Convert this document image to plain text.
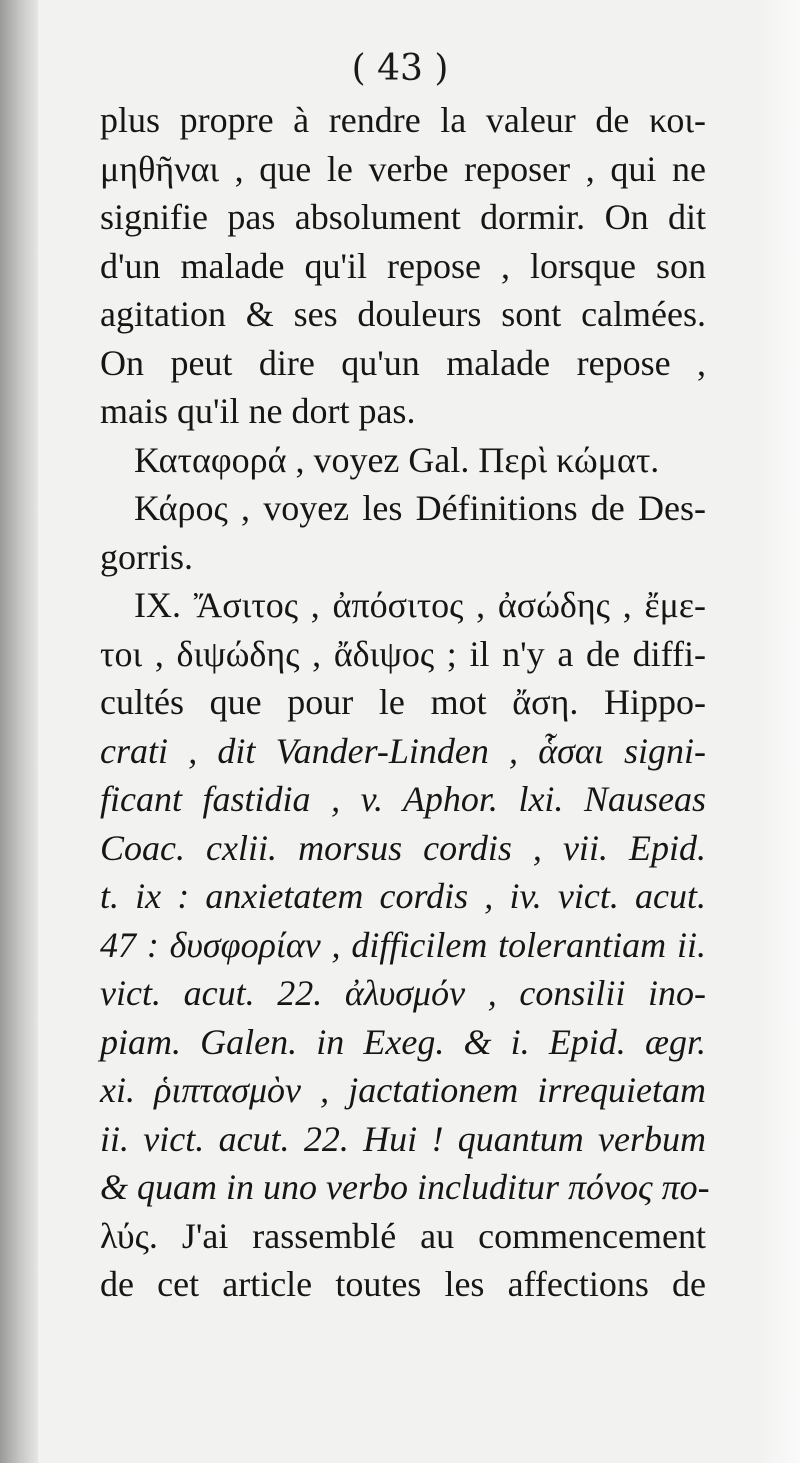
( 43 )
plus propre à rendre la valeur de κοι-
μηθῆναι , que le verbe reposer , qui ne
signifie pas absolument dormir. On dit
d'un malade qu'il repose , lorsque son
agitation & ses douleurs sont calmées.
On peut dire qu'un malade repose ,
mais qu'il ne dort pas.
Καταφορά , voyez Gal. Περὶ κώματ.
Κάρος , voyez les Définitions de Des-
gorris.
IX. Ἄσιτος , ἀπόσιτος , ἀσώδης , ἔμε-
τοι , διψώδης , ἄδιψος ; il n'y a de diffi-
cultés que pour le mot ἄση. Hippo-
crati , dit Vander-Linden , ἇσαι signi-
ficant fastidia , v. Aphor. lxi. Nauseas
Coac. cxlii. morsus cordis , vii. Epid.
t. ix : anxietatem cordis , iv. vict. acut.
47 : δυσφορίαν , difficilem tolerantiam ii.
vict. acut. 22. ἀλυσμόν , consilii ino-
piam. Galen. in Exeg. & i. Epid. ægr.
xi. ῥιπτασμὸν , jactationem irrequietam
ii. vict. acut. 22. Hui ! quantum verbum
& quam in uno verbo includitur πόνος πο-
λύς. J'ai rassemblé au commencement
de cet article toutes les affections de
